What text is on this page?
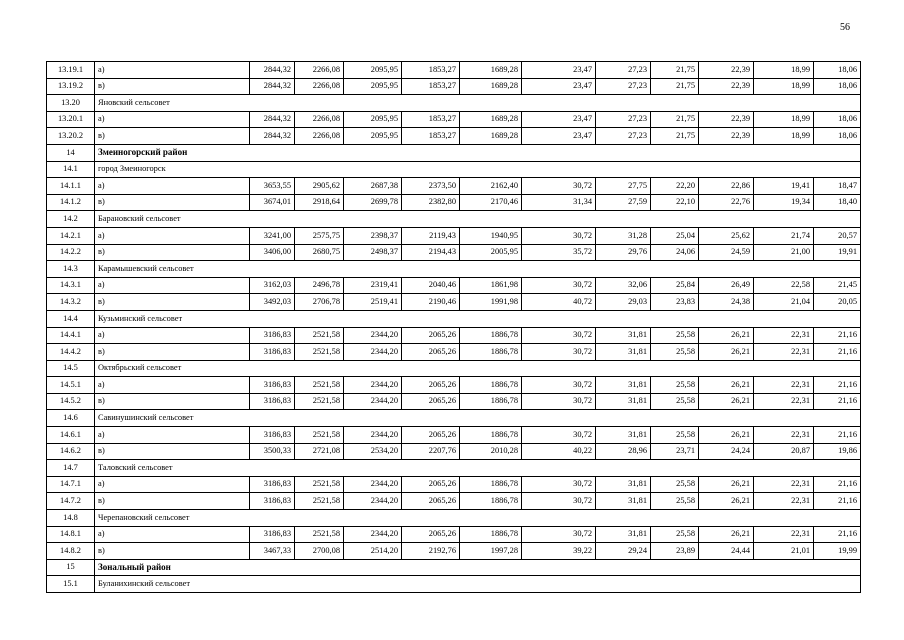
56
13.19.1	а)	2844,32	2266,08	2095,95	1853,27	1689,28	23,47	27,23	21,75	22,39	18,99	18,06
13.19.2	в)	2844,32	2266,08	2095,95	1853,27	1689,28	23,47	27,23	21,75	22,39	18,99	18,06
13.20	Яновский сельсовет											
13.20.1	а)	2844,32	2266,08	2095,95	1853,27	1689,28	23,47	27,23	21,75	22,39	18,99	18,06
13.20.2	в)	2844,32	2266,08	2095,95	1853,27	1689,28	23,47	27,23	21,75	22,39	18,99	18,06
14	Змеиногорский район											
14.1	город Змеиногорск											
14.1.1	а)	3653,55	2905,62	2687,38	2373,50	2162,40	30,72	27,75	22,20	22,86	19,41	18,47
14.1.2	в)	3674,01	2918,64	2699,78	2382,80	2170,46	31,34	27,59	22,10	22,76	19,34	18,40
14.2	Барановский сельсовет											
14.2.1	а)	3241,00	2575,75	2398,37	2119,43	1940,95	30,72	31,28	25,04	25,62	21,74	20,57
14.2.2	в)	3406,00	2680,75	2498,37	2194,43	2005,95	35,72	29,76	24,06	24,59	21,00	19,91
14.3	Карамышевский сельсовет											
14.3.1	а)	3162,03	2496,78	2319,41	2040,46	1861,98	30,72	32,06	25,84	26,49	22,58	21,45
14.3.2	в)	3492,03	2706,78	2519,41	2190,46	1991,98	40,72	29,03	23,83	24,38	21,04	20,05
14.4	Кузьминский сельсовет											
14.4.1	а)	3186,83	2521,58	2344,20	2065,26	1886,78	30,72	31,81	25,58	26,21	22,31	21,16
14.4.2	в)	3186,83	2521,58	2344,20	2065,26	1886,78	30,72	31,81	25,58	26,21	22,31	21,16
14.5	Октябрьский сельсовет											
14.5.1	а)	3186,83	2521,58	2344,20	2065,26	1886,78	30,72	31,81	25,58	26,21	22,31	21,16
14.5.2	в)	3186,83	2521,58	2344,20	2065,26	1886,78	30,72	31,81	25,58	26,21	22,31	21,16
14.6	Савинушинский сельсовет											
14.6.1	а)	3186,83	2521,58	2344,20	2065,26	1886,78	30,72	31,81	25,58	26,21	22,31	21,16
14.6.2	в)	3500,33	2721,08	2534,20	2207,76	2010,28	40,22	28,96	23,71	24,24	20,87	19,86
14.7	Таловский сельсовет											
14.7.1	а)	3186,83	2521,58	2344,20	2065,26	1886,78	30,72	31,81	25,58	26,21	22,31	21,16
14.7.2	в)	3186,83	2521,58	2344,20	2065,26	1886,78	30,72	31,81	25,58	26,21	22,31	21,16
14.8	Черепановский сельсовет											
14.8.1	а)	3186,83	2521,58	2344,20	2065,26	1886,78	30,72	31,81	25,58	26,21	22,31	21,16
14.8.2	в)	3467,33	2700,08	2514,20	2192,76	1997,28	39,22	29,24	23,89	24,44	21,01	19,99
15	Зональный район											
15.1	Буланихинский сельсовет											
